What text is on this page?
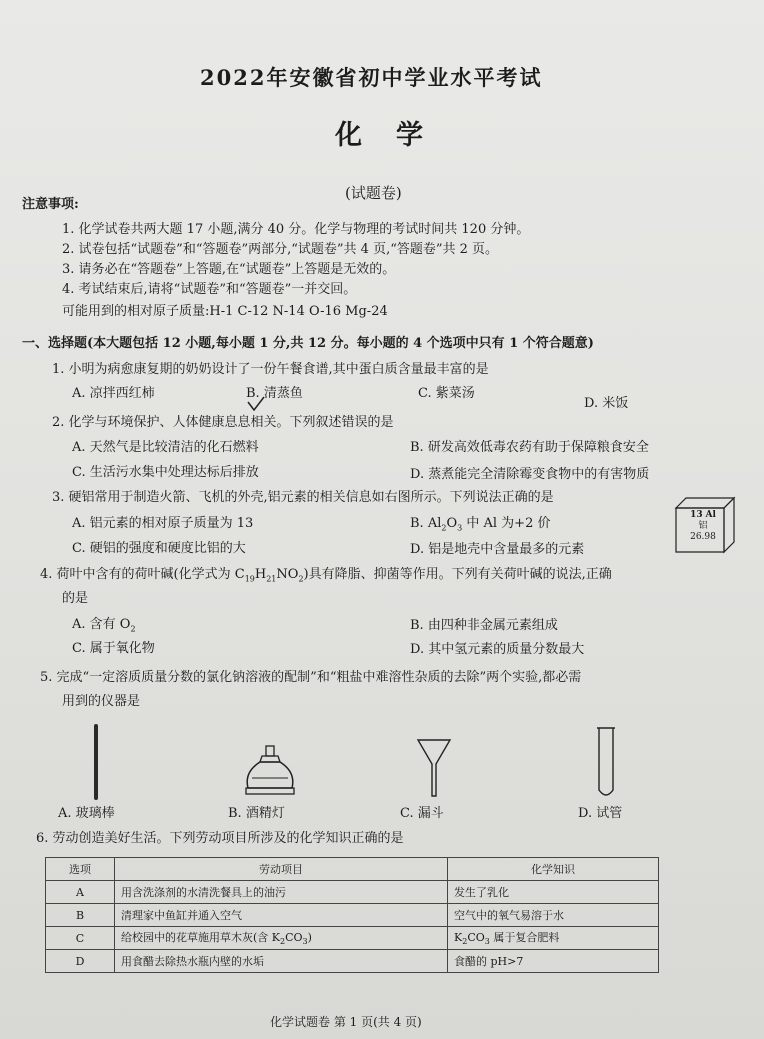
2022年安徽省初中学业水平考试
化学
(试题卷)
注意事项:
1. 化学试卷共两大题 17 小题,满分 40 分。化学与物理的考试时间共 120 分钟。
2. 试卷包括“试题卷”和“答题卷”两部分,“试题卷”共 4 页,“答题卷”共 2 页。
3. 请务必在“答题卷”上答题,在“试题卷”上答题是无效的。
4. 考试结束后,请将“试题卷”和“答题卷”一并交回。
可能用到的相对原子质量:H-1 C-12 N-14 O-16 Mg-24
一、选择题(本大题包括 12 小题,每小题 1 分,共 12 分。每小题的 4 个选项中只有 1 个符合题意)
1. 小明为病愈康复期的奶奶设计了一份午餐食谱,其中蛋白质含量最丰富的是
A. 凉拌西红柿	B. 清蒸鱼	C. 紫菜汤
D. 米饭
2. 化学与环境保护、人体健康息息相关。下列叙述错误的是
A. 天然气是比较清洁的化石燃料	B. 研发高效低毒农药有助于保障粮食安全
C. 生活污水集中处理达标后排放	D. 蒸煮能完全清除霉变食物中的有害物质
3. 硬铝常用于制造火箭、飞机的外壳,铝元素的相关信息如右图所示。下列说法正确的是
A. 铝元素的相对原子质量为 13	B. $Al_2O_3$ 中 Al 为+2 价
C. 硬铝的强度和硬度比铝的大	D. 铝是地壳中含量最多的元素
13 Al
铝
26.98
4. 荷叶中含有的荷叶碱(化学式为 $C_{19}H_{21}NO_2$)具有降脂、抑菌等作用。下列有关荷叶碱的说法,正确
的是
A. 含有 $O_2$	B. 由四种非金属元素组成
C. 属于氧化物	D. 其中氢元素的质量分数最大
5. 完成“一定溶质质量分数的氯化钠溶液的配制”和“粗盐中难溶性杂质的去除”两个实验,都必需
用到的仪器是
A. 玻璃棒	B. 酒精灯	C. 漏斗	D. 试管
6. 劳动创造美好生活。下列劳动项目所涉及的化学知识正确的是
选项	劳动项目	化学知识
A	用含洗涤剂的水清洗餐具上的油污	发生了乳化
B	清理家中鱼缸并通入空气	空气中的氧气易溶于水
C	给校园中的花草施用草木灰(含 $K_2CO_3$)	$K_2CO_3$ 属于复合肥料
D	用食醋去除热水瓶内壁的水垢	食醋的 pH>7
化学试题卷 第 1 页(共 4 页)
